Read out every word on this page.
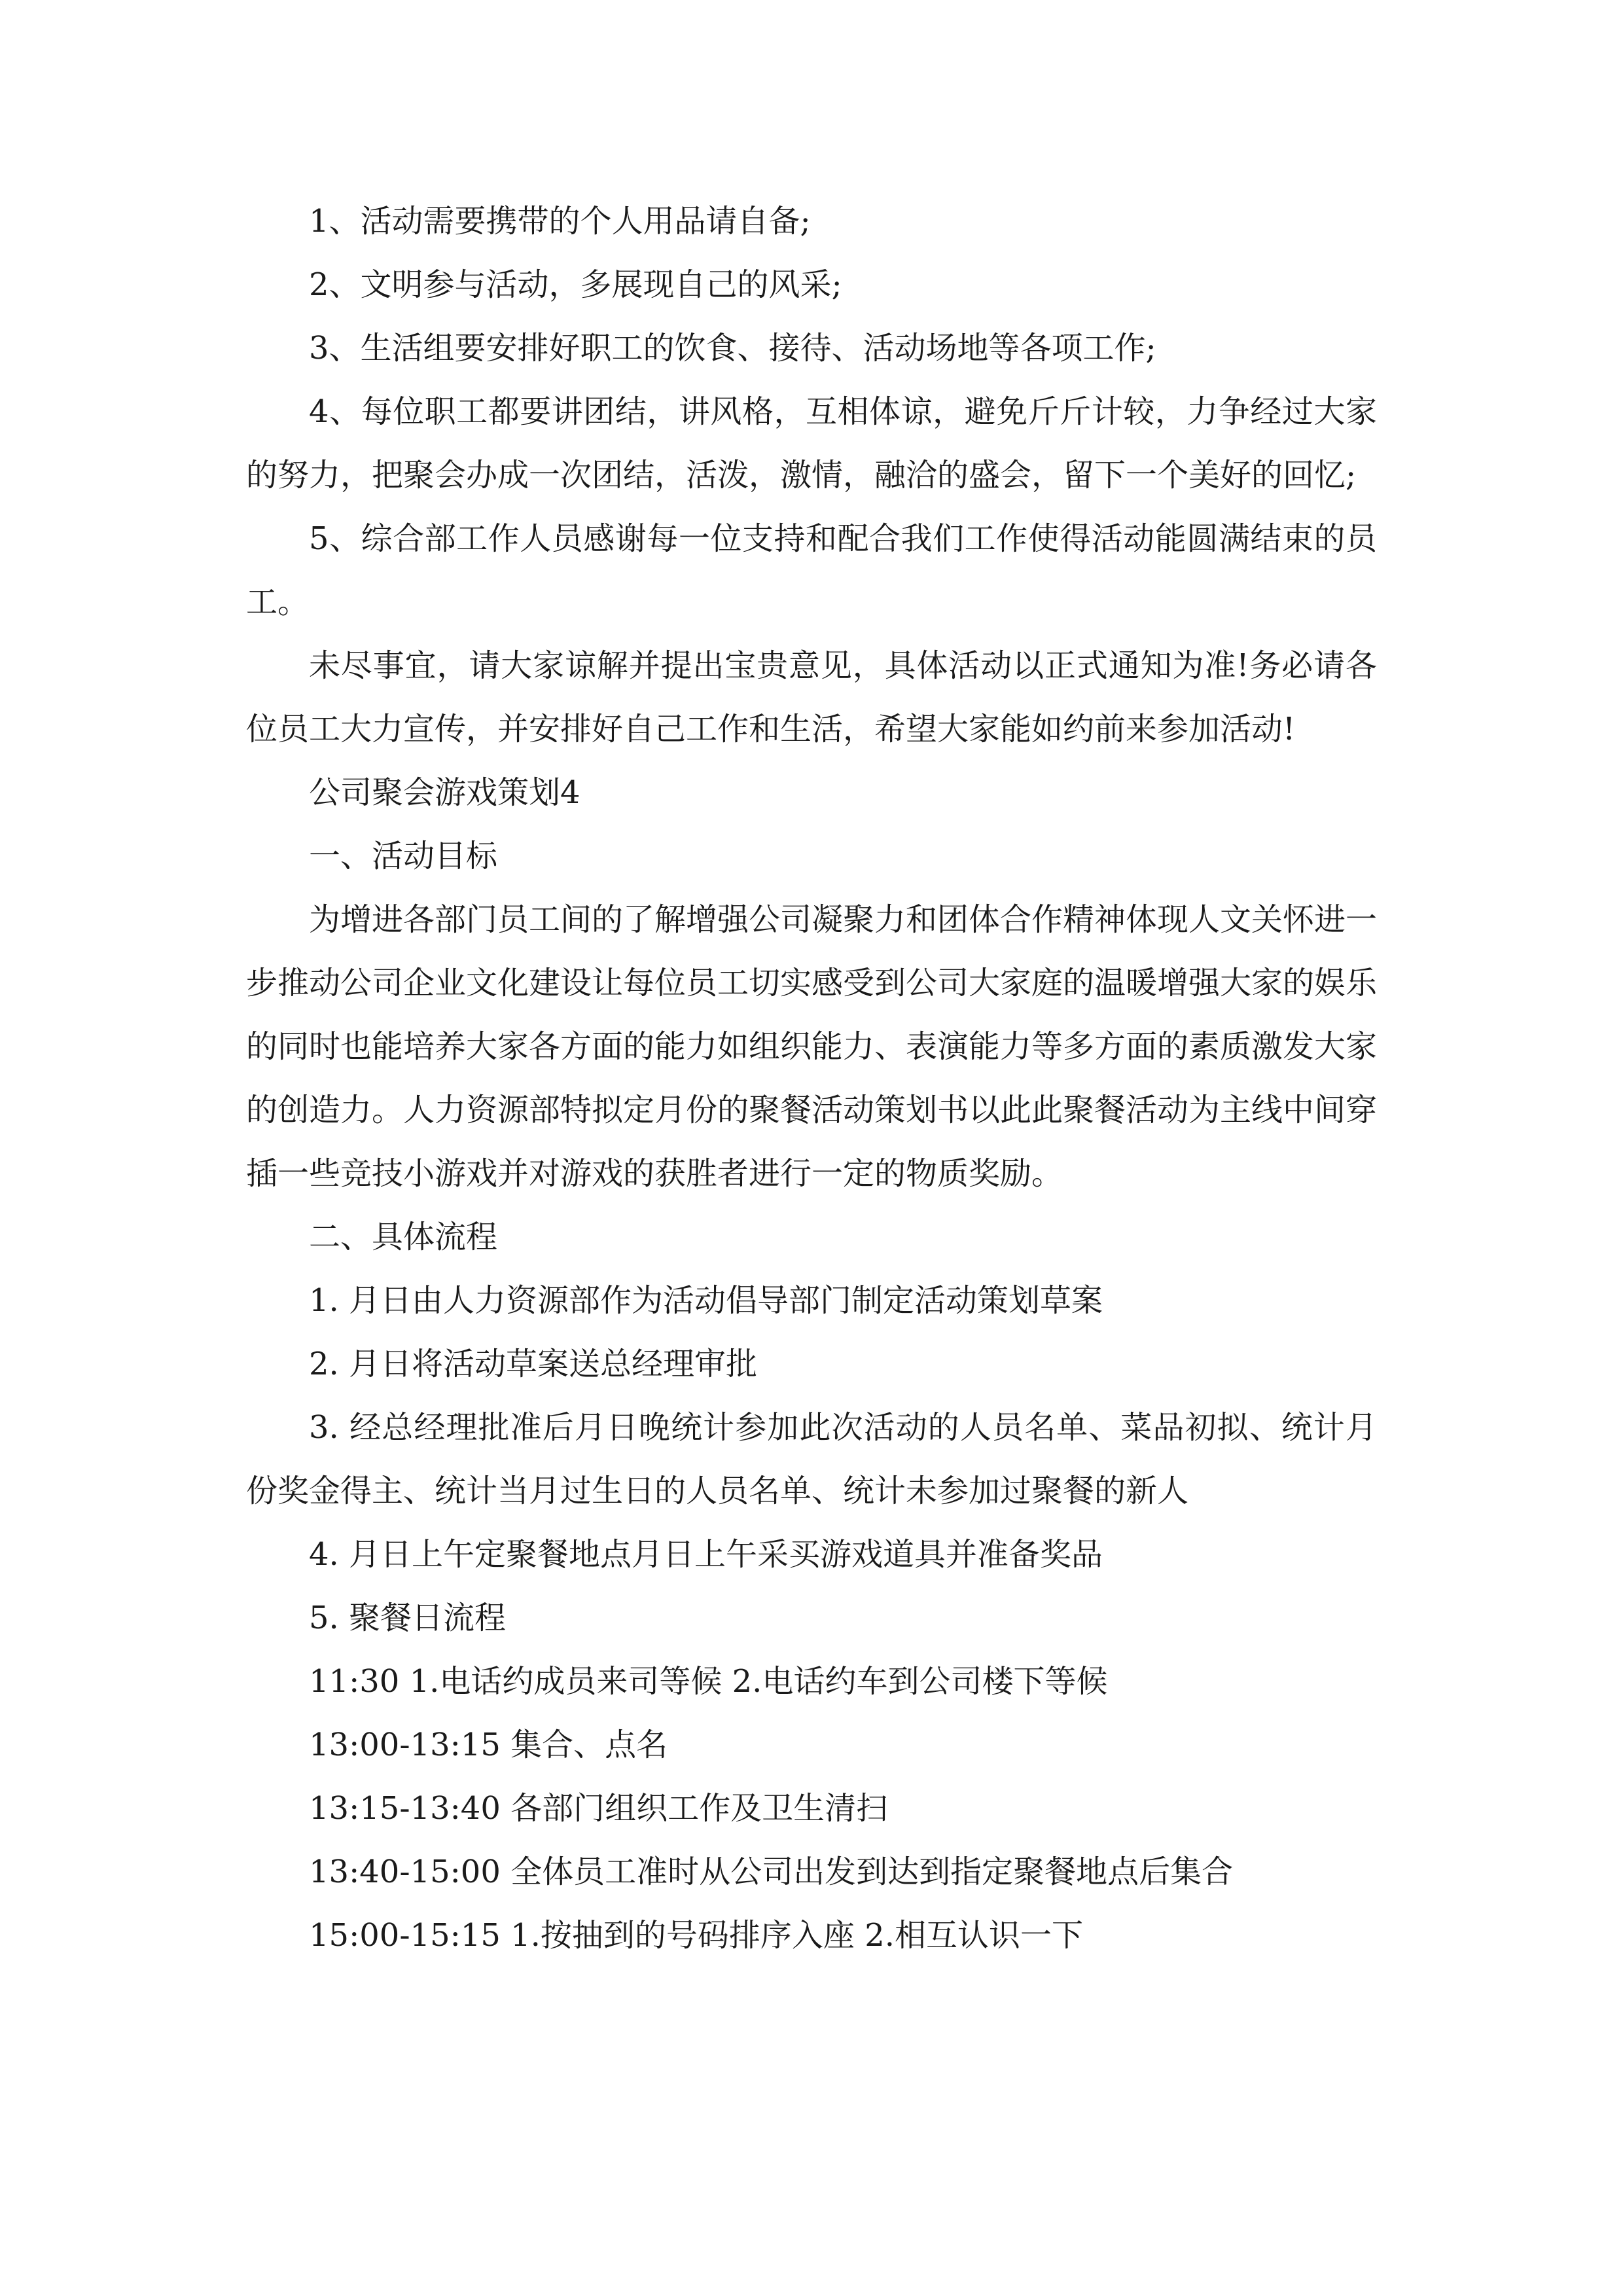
1、活动需要携带的个人用品请自备;

2、文明参与活动，多展现自己的风采;

3、生活组要安排好职工的饮食、接待、活动场地等各项工作;

4、每位职工都要讲团结，讲风格，互相体谅，避免斤斤计较，力争经过大家的努力，把聚会办成一次团结，活泼，激情，融洽的盛会，留下一个美好的回忆;

5、综合部工作人员感谢每一位支持和配合我们工作使得活动能圆满结束的员工。

未尽事宜，请大家谅解并提出宝贵意见，具体活动以正式通知为准!务必请各位员工大力宣传，并安排好自己工作和生活，希望大家能如约前来参加活动!

公司聚会游戏策划4

一、活动目标

为增进各部门员工间的了解增强公司凝聚力和团体合作精神体现人文关怀进一步推动公司企业文化建设让每位员工切实感受到公司大家庭的温暖增强大家的娱乐的同时也能培养大家各方面的能力如组织能力、表演能力等多方面的素质激发大家的创造力。人力资源部特拟定月份的聚餐活动策划书以此此聚餐活动为主线中间穿插一些竞技小游戏并对游戏的获胜者进行一定的物质奖励。

二、具体流程

1. 月日由人力资源部作为活动倡导部门制定活动策划草案

2. 月日将活动草案送总经理审批

3. 经总经理批准后月日晚统计参加此次活动的人员名单、菜品初拟、统计月份奖金得主、统计当月过生日的人员名单、统计未参加过聚餐的新人

4. 月日上午定聚餐地点月日上午采买游戏道具并准备奖品

5. 聚餐日流程

11:30 1.电话约成员来司等候 2.电话约车到公司楼下等候

13:00-13:15 集合、点名

13:15-13:40 各部门组织工作及卫生清扫

13:40-15:00 全体员工准时从公司出发到达到指定聚餐地点后集合

15:00-15:15 1.按抽到的号码排序入座 2.相互认识一下
